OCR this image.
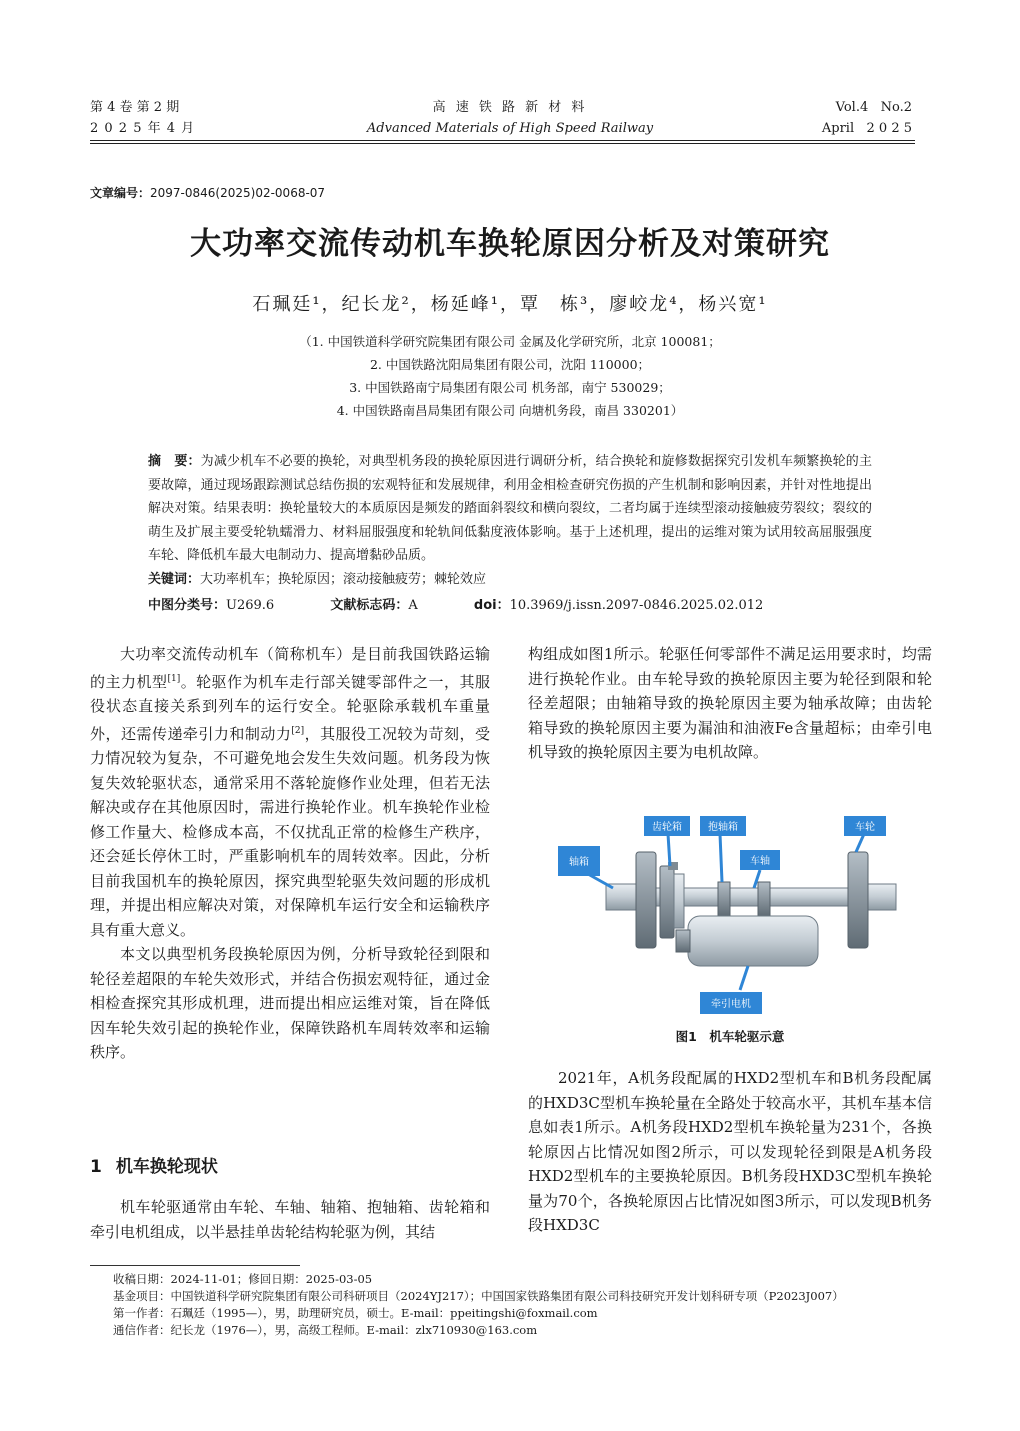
第 4 卷 第 2 期
2 0 2 5 年 4 月
高 速 铁 路 新 材 料
Advanced Materials of High Speed Railway
Vol.4   No.2
April   2 0 2 5
文章编号：2097-0846(2025)02-0068-07
大功率交流传动机车换轮原因分析及对策研究
石珮廷¹，纪长龙²，杨延峰¹，覃　栋³，廖峧龙⁴，杨兴宽¹
（1. 中国铁道科学研究院集团有限公司 金属及化学研究所，北京 100081；
2. 中国铁路沈阳局集团有限公司，沈阳 110000；
3. 中国铁路南宁局集团有限公司 机务部，南宁 530029；
4. 中国铁路南昌局集团有限公司 向塘机务段，南昌 330201）

摘　要：为减少机车不必要的换轮，对典型机务段的换轮原因进行调研分析，结合换轮和旋修数据探究引发机车频繁换轮的主要故障，通过现场跟踪测试总结伤损的宏观特征和发展规律，利用金相检查研究伤损的产生机制和影响因素，并针对性地提出解决对策。结果表明：换轮量较大的本质原因是频发的踏面斜裂纹和横向裂纹，二者均属于连续型滚动接触疲劳裂纹；裂纹的萌生及扩展主要受轮轨蠕滑力、材料屈服强度和轮轨间低黏度液体影响。基于上述机理，提出的运维对策为试用较高屈服强度车轮、降低机车最大电制动力、提高增黏砂品质。

关键词：大功率机车；换轮原因；滚动接触疲劳；棘轮效应

中图分类号：U269.6	文献标志码：A	doi：10.3969/j.issn.2097-0846.2025.02.012

大功率交流传动机车（简称机车）是目前我国铁路运输的主力机型[1]。轮驱作为机车走行部关键零部件之一，其服役状态直接关系到列车的运行安全。轮驱除承载机车重量外，还需传递牵引力和制动力[2]，其服役工况较为苛刻，受力情况较为复杂，不可避免地会发生失效问题。机务段为恢复失效轮驱状态，通常采用不落轮旋修作业处理，但若无法解决或存在其他原因时，需进行换轮作业。机车换轮作业检修工作量大、检修成本高，不仅扰乱正常的检修生产秩序，还会延长停休工时，严重影响机车的周转效率。因此，分析目前我国机车的换轮原因，探究典型轮驱失效问题的形成机理，并提出相应解决对策，对保障机车运行安全和运输秩序具有重大意义。

本文以典型机务段换轮原因为例，分析导致轮径到限和轮径差超限的车轮失效形式，并结合伤损宏观特征，通过金相检查探究其形成机理，进而提出相应运维对策，旨在降低因车轮失效引起的换轮作业，保障铁路机车周转效率和运输秩序。

1 机车换轮现状

机车轮驱通常由车轮、车轴、轴箱、抱轴箱、齿轮箱和牵引电机组成，以半悬挂单齿轮结构轮驱为例，其结

构组成如图1所示。轮驱任何零部件不满足运用要求时，均需进行换轮作业。由车轮导致的换轮原因主要为轮径到限和轮径差超限；由轴箱导致的换轮原因主要为轴承故障；由齿轮箱导致的换轮原因主要为漏油和油液Fe含量超标；由牵引电机导致的换轮原因主要为电机故障。

轴箱
齿轮箱	抱轴箱
车轴
车轮
牵引电机
图1　机车轮驱示意

2021年，A机务段配属的HXD2型机车和B机务段配属的HXD3C型机车换轮量在全路处于较高水平，其机车基本信息如表1所示。A机务段HXD2型机车换轮量为231个，各换轮原因占比情况如图2所示，可以发现轮径到限是A机务段HXD2型机车的主要换轮原因。B机务段HXD3C型机车换轮量为70个，各换轮原因占比情况如图3所示，可以发现B机务段HXD3C

收稿日期：2024-11-01；修回日期：2025-03-05
基金项目：中国铁道科学研究院集团有限公司科研项目（2024YJ217）；中国国家铁路集团有限公司科技研究开发计划科研专项（P2023J007）
第一作者：石珮廷（1995—），男，助理研究员，硕士。E-mail：ppeitingshi@foxmail.com
通信作者：纪长龙（1976—），男，高级工程师。E-mail：zlx710930@163.com
